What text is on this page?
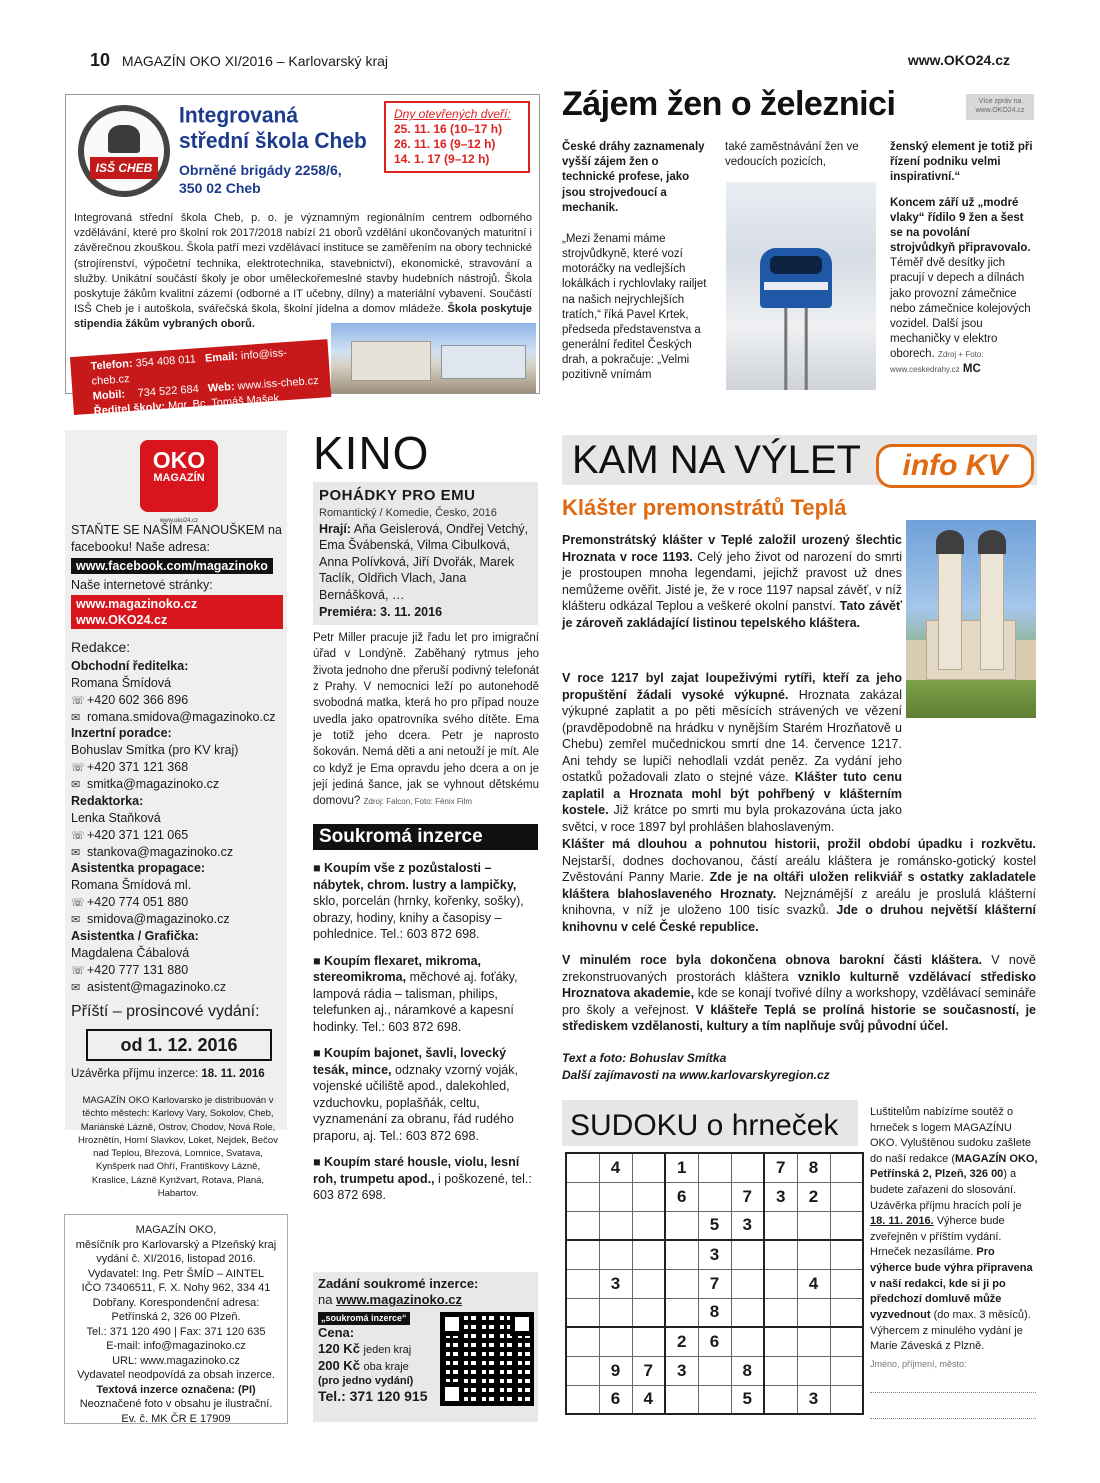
10 MAGAZÍN OKO XI/2016 – Karlovarský kraj	www.OKO24.cz
ISŠ CHEB
Integrovaná
střední škola Cheb
Obrněné brigády 2258/6,
350 02 Cheb
Dny otevřených dveří:
25. 11. 16 (10–17 h)
26. 11. 16 (9–12 h)
14. 1. 17 (9–12 h)
Integrovaná střední škola Cheb, p. o. je významným regionálním centrem odborného vzdělávání, které pro školní rok 2017/2018 nabízí 21 oborů vzdělání ukončovaných maturitní i závěrečnou zkouškou. Škola patří mezi vzdělávací instituce se zaměřením na obory technické (strojírenství, výpočetní technika, elektrotechnika, stavebnictví), ekonomické, stravování a služby. Unikátní součástí školy je obor uměleckořemeslné stavby hudebních nástrojů. Škola poskytuje žákům kvalitní zázemí (odborné a IT učebny, dílny) a materiální vybavení. Součástí ISŠ Cheb je i autoškola, svářečská škola, školní jídelna a domov mládeže. Škola poskytuje stipendia žákům vybraných oborů.
Telefon: 354 408 011 Email: info@iss-cheb.cz
Mobil: 734 522 684 Web: www.iss-cheb.cz
Ředitel školy: Mgr. Bc. Tomáš Mašek
Zájem žen o železnici	Více zpráv na www.OKO24.cz

České dráhy zaznamenaly vyšší zájem žen o technické profese, jako jsou strojvedoucí a mechanik.

„Mezi ženami máme strojvůdkyně, které vozí motoráčky na vedlejších lokálkách i rychlovlaky railjet na našich nejrychlejších tratích,“ říká Pavel Krtek, předseda představenstva a generální ředitel Českých drah, a pokračuje: „Velmi pozitivně vnímám

také zaměstnávání žen ve vedoucích pozicích,

ženský element je totiž při řízení podniku velmi inspirativní.“

Koncem září už „modré vlaky“ řídilo 9 žen a šest se na povolání strojvůdkyň připravovalo. Téměř dvě desítky jich pracují v depech a dílnách jako provozní zámečnice nebo zámečnice kolejových vozidel. Další jsou mechaničky v elektro oborech. Zdroj + Foto: www.ceskedrahy.cz MC

OKO
MAGAZÍN
www.oko24.cz
STAŇTE SE NAŠÍM FANOUŠKEM na facebooku! Naše adresa:
www.facebook.com/magazinoko
Naše internetové stránky:
www.magazinoko.cz
www.OKO24.cz
Redakce:
Obchodní ředitelka:
Romana Šmídová
☏ +420 602 366 896
✉ romana.smidova@magazinoko.cz
Inzertní poradce:
Bohuslav Smítka (pro KV kraj)
☏ +420 371 121 368
✉ smitka@magazinoko.cz
Redaktorka:
Lenka Staňková
☏ +420 371 121 065
✉ stankova@magazinoko.cz
Asistentka propagace:
Romana Šmídová ml.
☏ +420 774 051 880
✉ smidova@magazinoko.cz
Asistentka / Grafička:
Magdalena Čábalová
☏ +420 777 131 880
✉ asistent@magazinoko.cz
Příští – prosincové vydání:
od 1. 12. 2016
Uzávěrka příjmu inzerce: 18. 11. 2016
MAGAZÍN OKO Karlovarsko je distribuován v těchto městech: Karlovy Vary, Sokolov, Cheb, Mariánské Lázně, Ostrov, Chodov, Nová Role, Hroznětín, Horní Slavkov, Loket, Nejdek, Bečov nad Teplou, Březová, Lomnice, Svatava, Kynšperk nad Ohří, Františkovy Lázně, Kraslice, Lázně Kynžvart, Rotava, Planá, Habartov.
MAGAZÍN OKO,
měsíčník pro Karlovarský a Plzeňský kraj
vydání č. XI/2016, listopad 2016.
Vydavatel: Ing. Petr ŠMÍD – AINTEL
IČO 73406511, F. X. Nohy 962, 334 41
Dobřany. Korespondenční adresa:
Petřínská 2, 326 00 Plzeň.
Tel.: 371 120 490 | Fax: 371 120 635
E-mail: info@magazinoko.cz
URL: www.magazinoko.cz
Vydavatel neodpovídá za obsah inzerce.
Textová inzerce označena: (PI)
Neoznačené foto v obsahu je ilustrační.
Ev. č. MK ČR E 17909
KINO
POHÁDKY PRO EMU
Romantický / Komedie, Česko, 2016
Hrají: Aňa Geislerová, Ondřej Vetchý, Ema Švábenská, Vilma Cibulková, Anna Polívková, Jiří Dvořák, Marek Taclík, Oldřich Vlach, Jana Bernášková, …
Premiéra: 3. 11. 2016
Petr Miller pracuje již řadu let pro imigrační úřad v Londýně. Zaběhaný rytmus jeho života jednoho dne přeruší podivný telefonát z Prahy. V nemocnici leží po autonehodě svobodná matka, která ho pro případ nouze uvedla jako opatrovníka svého dítěte. Ema je totiž jeho dcera. Petr je naprosto šokován. Nemá děti a ani netouží je mít. Ale co když je Ema opravdu jeho dcera a on je její jediná šance, jak se vyhnout dětskému domovu? Zdroj: Falcon, Foto: Fénix Film
Soukromá inzerce

■ Koupím vše z pozůstalosti – nábytek, chrom. lustry a lampičky, sklo, porcelán (hrnky, kořenky, sošky), obrazy, hodiny, knihy a časopisy – pohlednice. Tel.: 603 872 698.

■ Koupím flexaret, mikroma, stereomikroma, měchové aj. foťáky, lampová rádia – talisman, philips, telefunken aj., náramkové a kapesní hodinky. Tel.: 603 872 698.

■ Koupím bajonet, šavli, lovecký tesák, mince, odznaky vzorný voják, vojenské učiliště apod., dalekohled, vzduchovku, poplašňák, celtu, vyznamenání za obranu, řád rudého praporu, aj. Tel.: 603 872 698.

■ Koupím staré housle, violu, lesní roh, trumpetu apod., i poškozené, tel.: 603 872 698.

Zadání soukromé inzerce:
na www.magazinoko.cz
„soukromá inzerce“
Cena:
120 Kč jeden kraj
200 Kč oba kraje
(pro jedno vydání)
Tel.: 371 120 915
KAM NA VÝLET	info KV
Klášter premonstrátů Teplá

Premonstrátský klášter v Teplé založil urozený šlechtic Hroznata v roce 1193. Celý jeho život od narození do smrti je prostoupen mnoha legendami, jejichž pravost už dnes nemůžeme ověřit. Jisté je, že v roce 1197 napsal závěť, v níž klášteru odkázal Teplou a veškeré okolní panství. Tato závěť je zároveň zakládající listinou tepelského kláštera.

V roce 1217 byl zajat loupeživými rytíři, kteří za jeho propuštění žádali vysoké výkupné. Hroznata zakázal výkupné zaplatit a po pěti měsících strávených ve vězení (pravděpodobně na hrádku v nynějším Starém Hrozňatově u Chebu) zemřel mučednickou smrtí dne 14. července 1217. Ani tehdy se lupiči nehodlali vzdát peněz. Za vydání jeho ostatků požadovali zlato o stejné váze. Klášter tuto cenu zaplatil a Hroznata mohl být pohřbený v klášterním kostele. Již krátce po smrti mu byla prokazována úcta jako světci, v roce 1897 byl prohlášen blahoslaveným.

Klášter má dlouhou a pohnutou historii, prožil období úpadku i rozkvětu. Nejstarší, dodnes dochovanou, částí areálu kláštera je románsko-gotický kostel Zvěstování Panny Marie. Zde je na oltáři uložen relikviář s ostatky zakladatele kláštera blahoslaveného Hroznaty. Nejznámější z areálu je proslulá klášterní knihovna, v níž je uloženo 100 tisíc svazků. Jde o druhou největší klášterní knihovnu v celé České republice.

V minulém roce byla dokončena obnova barokní části kláštera. V nově zrekonstruovaných prostorách kláštera vzniklo kulturně vzdělávací středisko Hroznatova akademie, kde se konají tvořivé dílny a workshopy, vzdělávací semináře pro školy a veřejnost. V klášteře Teplá se prolíná historie se současností, je střediskem vzdělanosti, kultury a tím naplňuje svůj původní účel.

Text a foto: Bohuslav Smítka
Další zajímavosti na www.karlovarskyregion.cz
SUDOKU o hrneček
	4		1			7	8	
			6		7	3	2	
				5	3			
				3				
	3			7			4	
				8				
			2	6				
	9	7	3		8			
	6	4			5		3	
Luštitelům nabízíme soutěž o hrneček s logem MAGAZÍNU OKO. Vyluštěnou sudoku zašlete do naší redakce (MAGAZÍN OKO, Petřínská 2, Plzeň, 326 00) a budete zařazeni do slosování. Uzávěrka příjmu hracích polí je 18. 11. 2016. Výherce bude zveřejněn v příštím vydání. Hrneček nezasíláme. Pro výherce bude výhra připravena v naší redakci, kde si ji po předchozí domluvě může vyzvednout (do max. 3 měsíců). Výhercem z minulého vydání je Marie Záveská z Plzně.
Jméno, příjmení, město:
